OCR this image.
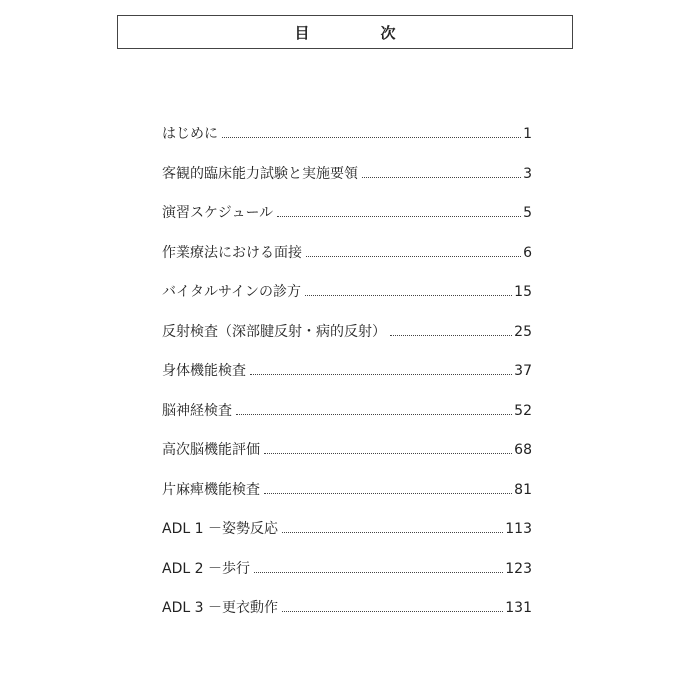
目　次
はじめに	1
客観的臨床能力試験と実施要領	3
演習スケジュール	5
作業療法における面接	6
バイタルサインの診方	15
反射検査（深部腱反射・病的反射）	25
身体機能検査	37
脳神経検査	52
高次脳機能評価	68
片麻痺機能検査	81
ADL 1 －姿勢反応	113
ADL 2 －歩行	123
ADL 3 －更衣動作	131
